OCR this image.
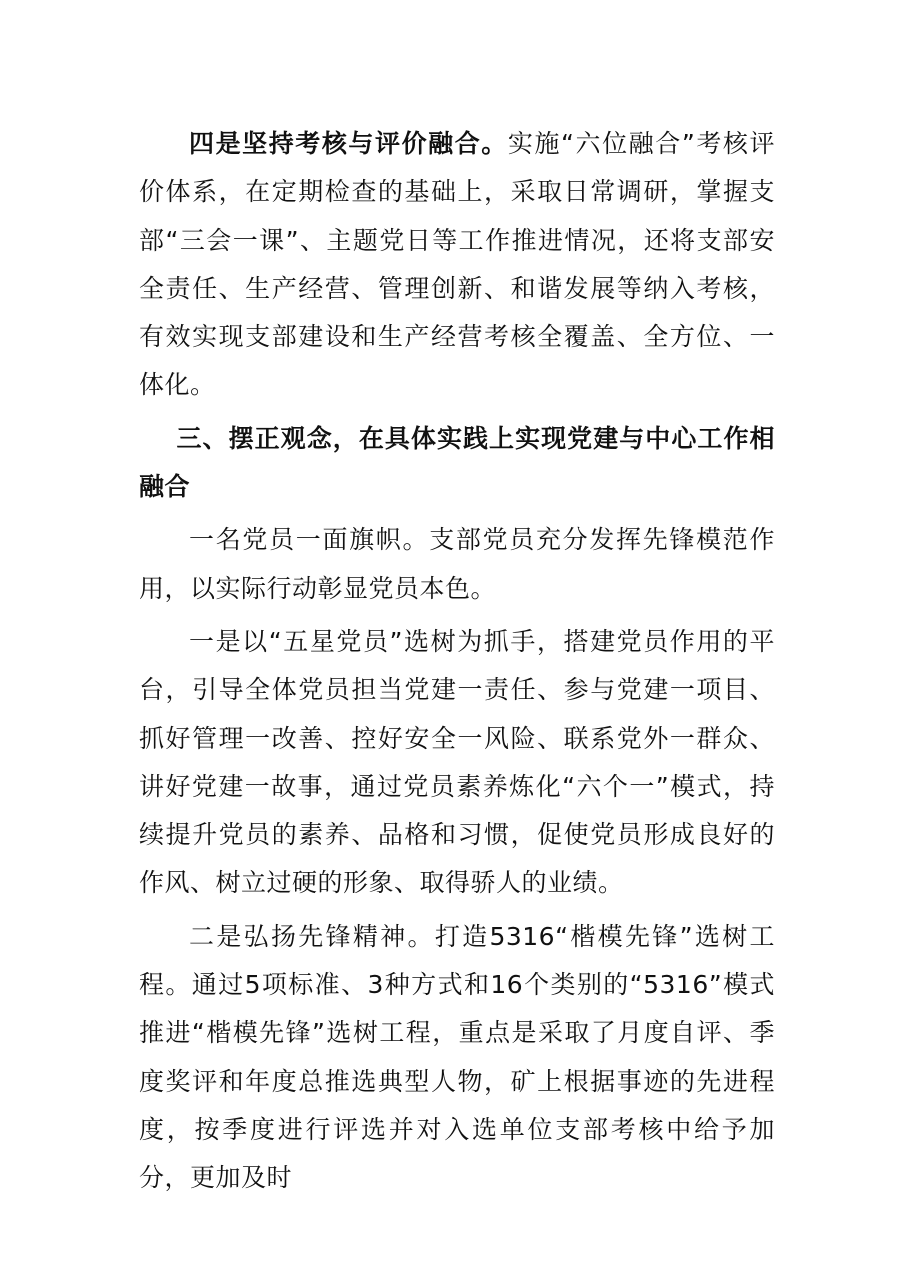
四是坚持考核与评价融合。实施“六位融合”考核评价体系，在定期检查的基础上，采取日常调研，掌握支部“三会一课”、主题党日等工作推进情况，还将支部安全责任、生产经营、管理创新、和谐发展等纳入考核，有效实现支部建设和生产经营考核全覆盖、全方位、一体化。

三、摆正观念，在具体实践上实现党建与中心工作相融合

一名党员一面旗帜。支部党员充分发挥先锋模范作用，以实际行动彰显党员本色。

一是以“五星党员”选树为抓手，搭建党员作用的平台，引导全体党员担当党建一责任、参与党建一项目、抓好管理一改善、控好安全一风险、联系党外一群众、讲好党建一故事，通过党员素养炼化“六个一”模式，持续提升党员的素养、品格和习惯，促使党员形成良好的作风、树立过硬的形象、取得骄人的业绩。

二是弘扬先锋精神。打造5316“楷模先锋”选树工程。通过5项标准、3种方式和16个类别的“5316”模式推进“楷模先锋”选树工程，重点是采取了月度自评、季度奖评和年度总推选典型人物，矿上根据事迹的先进程度，按季度进行评选并对入选单位支部考核中给予加分，更加及时
